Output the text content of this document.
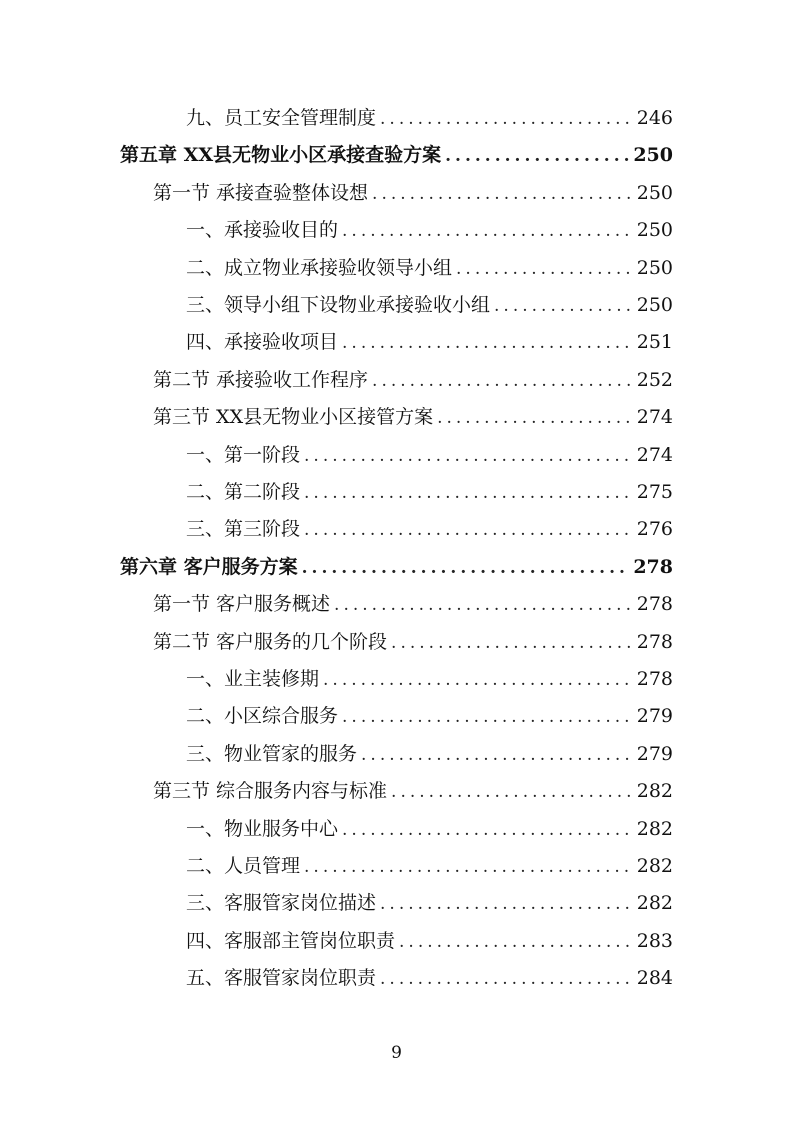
九、员工安全管理制度 .....	246
第五章 XX县无物业小区承接查验方案 .....	250
第一节 承接查验整体设想 .....	250
一、承接验收目的 .....	250
二、成立物业承接验收领导小组 .....	250
三、领导小组下设物业承接验收小组 .....	250
四、承接验收项目 .....	251
第二节 承接验收工作程序 .....	252
第三节 XX县无物业小区接管方案 .....	274
一、第一阶段 .....	274
二、第二阶段 .....	275
三、第三阶段 .....	276
第六章 客户服务方案 .....	278
第一节 客户服务概述 .....	278
第二节 客户服务的几个阶段 .....	278
一、业主装修期 .....	278
二、小区综合服务 .....	279
三、物业管家的服务 .....	279
第三节 综合服务内容与标准 .....	282
一、物业服务中心 .....	282
二、人员管理 .....	282
三、客服管家岗位描述 .....	282
四、客服部主管岗位职责 .....	283
五、客服管家岗位职责 .....	284
9
